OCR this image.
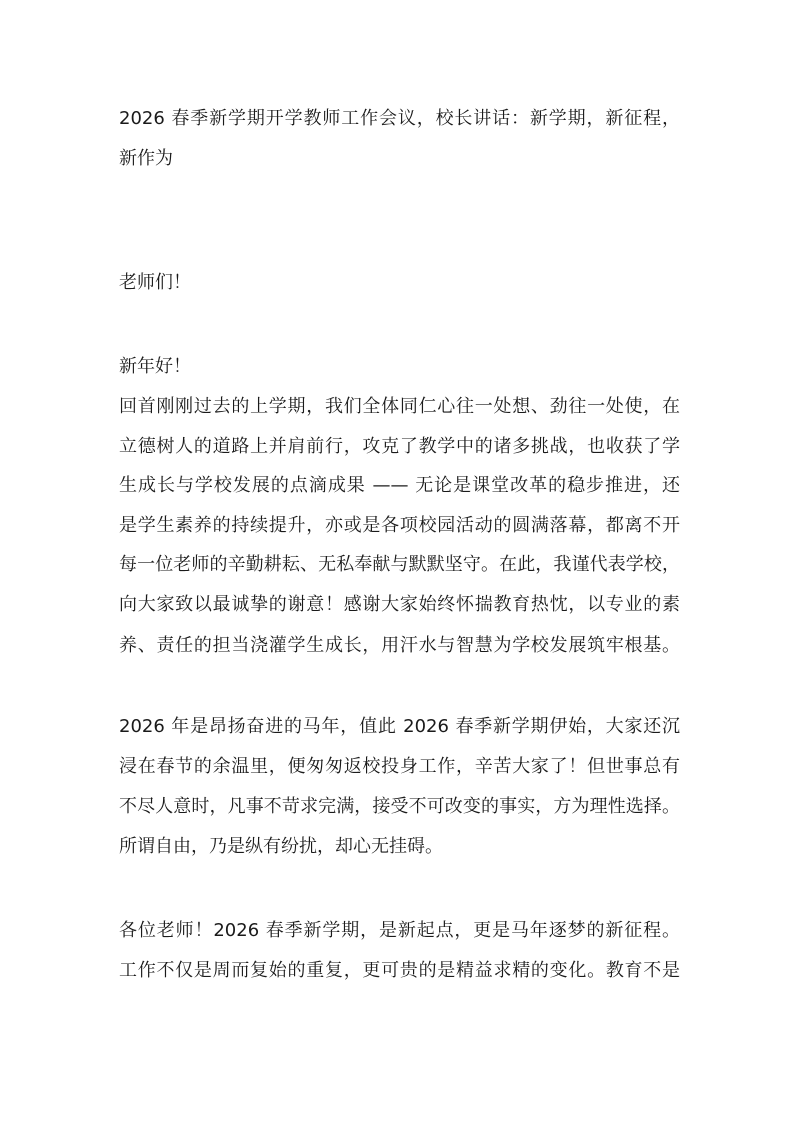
2026 春季新学期开学教师工作会议，校长讲话：新学期，新征程，
新作为
老师们！
新年好！
回首刚刚过去的上学期，我们全体同仁心往一处想、劲往一处使，在
立德树人的道路上并肩前行，攻克了教学中的诸多挑战，也收获了学
生成长与学校发展的点滴成果 —— 无论是课堂改革的稳步推进，还
是学生素养的持续提升，亦或是各项校园活动的圆满落幕，都离不开
每一位老师的辛勤耕耘、无私奉献与默默坚守。在此，我谨代表学校，
向大家致以最诚挚的谢意！感谢大家始终怀揣教育热忱，以专业的素
养、责任的担当浇灌学生成长，用汗水与智慧为学校发展筑牢根基。
2026 年是昂扬奋进的马年，值此 2026 春季新学期伊始，大家还沉
浸在春节的余温里，便匆匆返校投身工作，辛苦大家了！但世事总有
不尽人意时，凡事不苛求完满，接受不可改变的事实，方为理性选择。
所谓自由，乃是纵有纷扰，却心无挂碍。
各位老师！2026 春季新学期，是新起点，更是马年逐梦的新征程。
工作不仅是周而复始的重复，更可贵的是精益求精的变化。教育不是
